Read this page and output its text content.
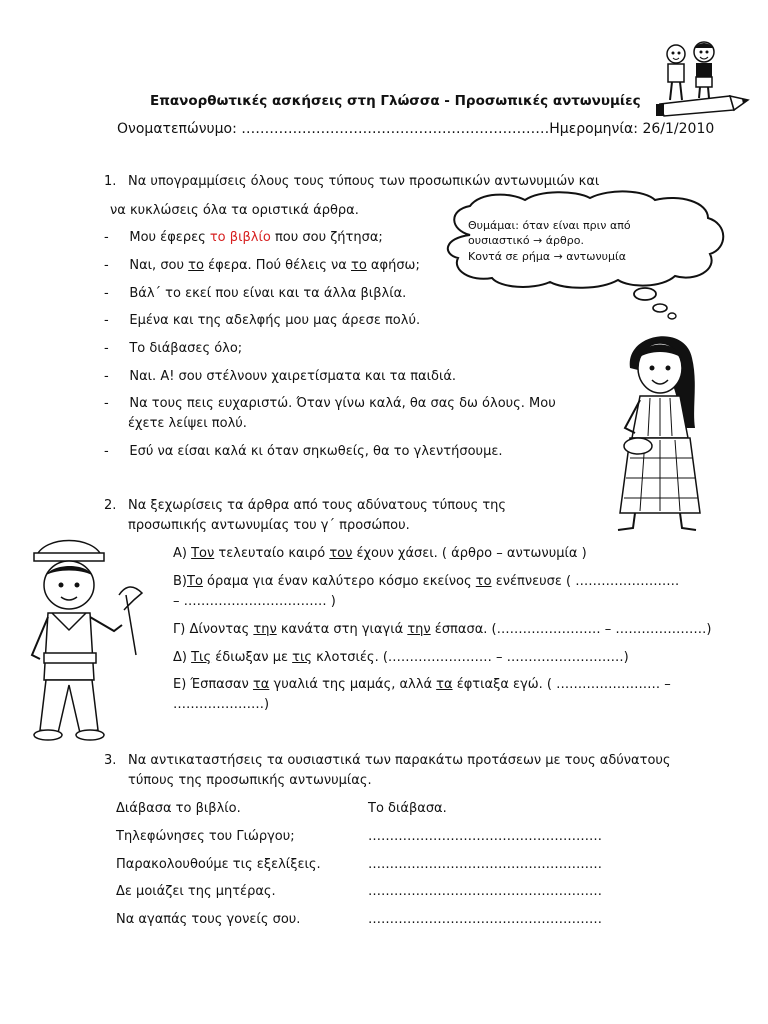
Επανορθωτικές ασκήσεις στη Γλώσσα - Προσωπικές αντωνυμίες
Ονοματεπώνυμο: …………………………………………………………Ημερομηνία: 26/1/2010
1. Να υπογραμμίσεις όλους τους τύπους των προσωπικών αντωνυμιών και
να κυκλώσεις όλα τα οριστικά άρθρα.
-     Μου έφερες το βιβλίο που σου ζήτησα;
-     Ναι, σου το έφερα. Πού θέλεις να το αφήσω;
-     Βάλ΄ το εκεί που είναι και τα άλλα βιβλία.
-     Εμένα και της αδελφής μου μας άρεσε πολύ.
-     Το διάβασες όλο;
-     Ναι. Α! σου στέλνουν χαιρετίσματα και τα παιδιά.
-     Να τους πεις ευχαριστώ. Όταν γίνω καλά, θα σας δω όλους. Μου
έχετε λείψει πολύ.
-     Εσύ να είσαι καλά κι όταν σηκωθείς, θα το γλεντήσουμε.
Θυμάμαι: όταν είναι πριν από
ουσιαστικό → άρθρο.
Κοντά σε ρήμα → αντωνυμία
2. Να ξεχωρίσεις τα άρθρα από τους αδύνατους τύπους της
προσωπικής αντωνυμίας του γ΄ προσώπου.
Α) Τον τελευταίο καιρό τον έχουν χάσει. ( άρθρο – αντωνυμία )
Β)Το όραμα για έναν καλύτερο κόσμο εκείνος το ενέπνευσε ( ……………………
– …………………………… )
Γ) Δίνοντας την κανάτα στη γιαγιά την έσπασα. (…………………… – …………………)
Δ) Τις έδιωξαν με τις κλοτσιές. (…………………… – ………………………)
Ε) Έσπασαν τα γυαλιά της μαμάς, αλλά τα έφτιαξα εγώ. ( …………………… –
…………………)
3. Να αντικαταστήσεις τα ουσιαστικά των παρακάτω προτάσεων με τους αδύνατους
τύπους της προσωπικής αντωνυμίας.
Διάβασα το βιβλίο.	Το διάβασα.
Τηλεφώνησες του Γιώργου;	………………………………………………
Παρακολουθούμε τις εξελίξεις.	………………………………………………
Δε μοιάζει της μητέρας.	………………………………………………
Να αγαπάς τους γονείς σου.	………………………………………………
